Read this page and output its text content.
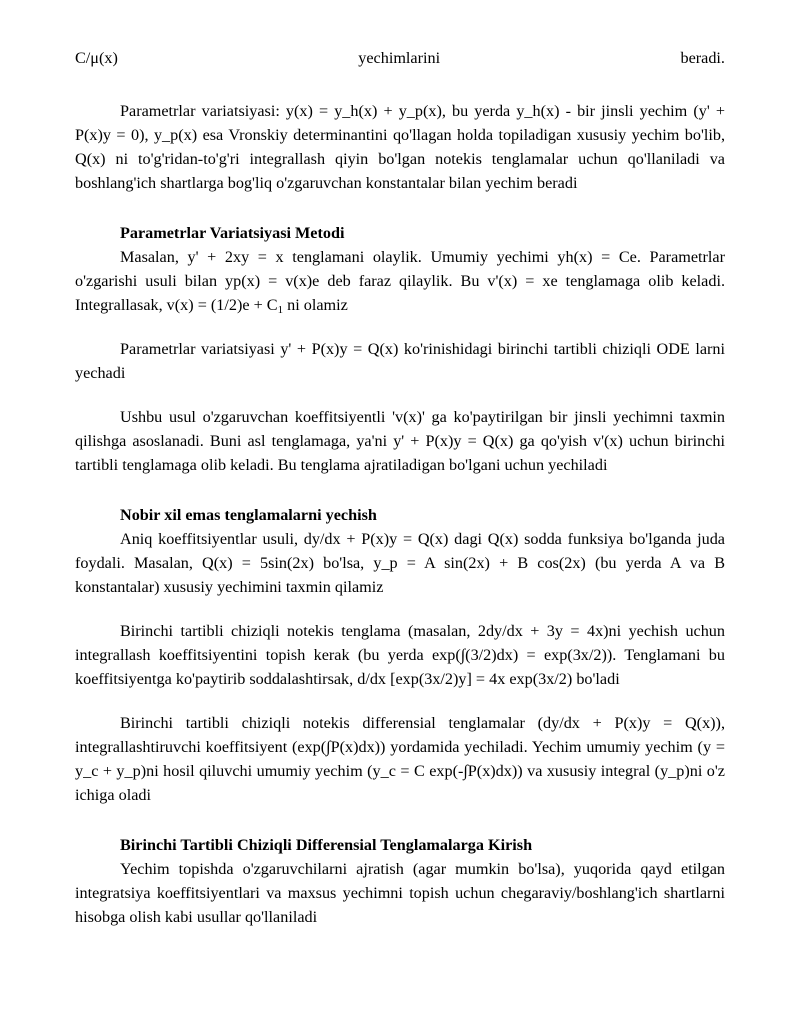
C/μ(x)	yechimlarini	beradi.

Parametrlar variatsiyasi: y(x) = y_h(x) + y_p(x), bu yerda y_h(x) - bir jinsli yechim (y' + P(x)y = 0), y_p(x) esa Vronskiy determinantini qo'llagan holda topiladigan xususiy yechim bo'lib, Q(x) ni to'g'ridan-to'g'ri integrallash qiyin bo'lgan notekis tenglamalar uchun qo'llaniladi va boshlang'ich shartlarga bog'liq o'zgaruvchan konstantalar bilan yechim beradi

Parametrlar Variatsiyasi Metodi

Masalan, y' + 2xy = x tenglamani olaylik. Umumiy yechimi yh(x) = Ce. Parametrlar o'zgarishi usuli bilan yp(x) = v(x)e deb faraz qilaylik. Bu v'(x) = xe tenglamaga olib keladi. Integrallasak, $v(x) = (1/2)e + C_1$ ni olamiz

Parametrlar variatsiyasi y' + P(x)y = Q(x) ko'rinishidagi birinchi tartibli chiziqli ODE larni yechadi

Ushbu usul o'zgaruvchan koeffitsiyentli 'v(x)' ga ko'paytirilgan bir jinsli yechimni taxmin qilishga asoslanadi. Buni asl tenglamaga, ya'ni y' + P(x)y = Q(x) ga qo'yish v'(x) uchun birinchi tartibli tenglamaga olib keladi. Bu tenglama ajratiladigan bo'lgani uchun yechiladi

Nobir xil emas tenglamalarni yechish

Aniq koeffitsiyentlar usuli, dy/dx + P(x)y = Q(x) dagi Q(x) sodda funksiya bo'lganda juda foydali. Masalan, Q(x) = 5sin(2x) bo'lsa, y_p = A sin(2x) + B cos(2x) (bu yerda A va B konstantalar) xususiy yechimini taxmin qilamiz

Birinchi tartibli chiziqli notekis tenglama (masalan, 2dy/dx + 3y = 4x)ni yechish uchun integrallash koeffitsiyentini topish kerak (bu yerda exp(∫(3/2)dx) = exp(3x/2)). Tenglamani bu koeffitsiyentga ko'paytirib soddalashtirsak, d/dx [exp(3x/2)y] = 4x exp(3x/2) bo'ladi

Birinchi tartibli chiziqli notekis differensial tenglamalar (dy/dx + P(x)y = Q(x)), integrallashtiruvchi koeffitsiyent (exp(∫P(x)dx)) yordamida yechiladi. Yechim umumiy yechim (y = y_c + y_p)ni hosil qiluvchi umumiy yechim (y_c = C exp(-∫P(x)dx)) va xususiy integral (y_p)ni o'z ichiga oladi

Birinchi Tartibli Chiziqli Differensial Tenglamalarga Kirish

Yechim topishda o'zgaruvchilarni ajratish (agar mumkin bo'lsa), yuqorida qayd etilgan integratsiya koeffitsiyentlari va maxsus yechimni topish uchun chegaraviy/boshlang'ich shartlarni hisobga olish kabi usullar qo'llaniladi
